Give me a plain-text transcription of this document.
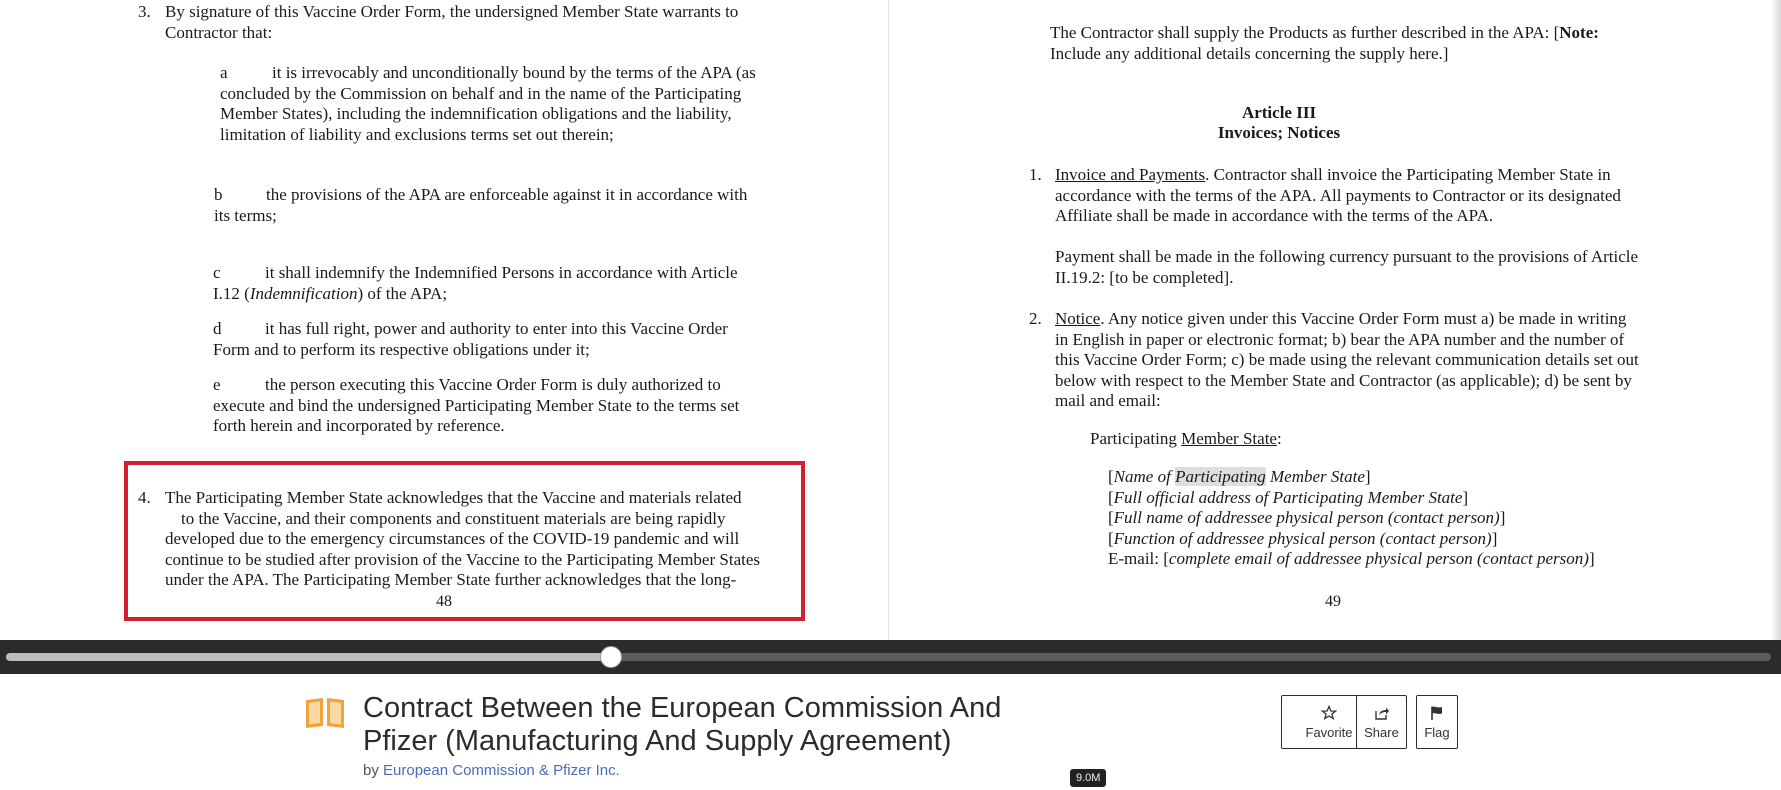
3. By signature of this Vaccine Order Form, the undersigned Member State warrants to
Contractor that:
a	it is irrevocably and unconditionally bound by the terms of the APA (as
concluded by the Commission on behalf and in the name of the Participating
Member States), including the indemnification obligations and the liability,
limitation of liability and exclusions terms set out therein;
b	the provisions of the APA are enforceable against it in accordance with
its terms;
c	it shall indemnify the Indemnified Persons in accordance with Article
I.12 (Indemnification) of the APA;
d	it has full right, power and authority to enter into this Vaccine Order
Form and to perform its respective obligations under it;
e	the person executing this Vaccine Order Form is duly authorized to
execute and bind the undersigned Participating Member State to the terms set
forth herein and incorporated by reference.
4. The Participating Member State acknowledges that the Vaccine and materials related
to the Vaccine, and their components and constituent materials are being rapidly
developed due to the emergency circumstances of the COVID-19 pandemic and will
continue to be studied after provision of the Vaccine to the Participating Member States
under the APA. The Participating Member State further acknowledges that the long-
48
The Contractor shall supply the Products as further described in the APA: [Note:
Include any additional details concerning the supply here.]
Article III
Invoices; Notices
1. Invoice and Payments. Contractor shall invoice the Participating Member State in
accordance with the terms of the APA. All payments to Contractor or its designated
Affiliate shall be made in accordance with the terms of the APA.
Payment shall be made in the following currency pursuant to the provisions of Article
II.19.2: [to be completed].
2. Notice. Any notice given under this Vaccine Order Form must a) be made in writing
in English in paper or electronic format; b) bear the APA number and the number of
this Vaccine Order Form; c) be made using the relevant communication details set out
below with respect to the Member State and Contractor (as applicable); d) be sent by
mail and email:
Participating Member State:
[Name of Participating Member State]
[Full official address of Participating Member State]
[Full name of addressee physical person (contact person)]
[Function of addressee physical person (contact person)]
E-mail: [complete email of addressee physical person (contact person)]
49
Contract Between the European Commission And Pfizer (Manufacturing And Supply Agreement)
by European Commission & Pfizer Inc.
Favorite Share Flag
9.0M
